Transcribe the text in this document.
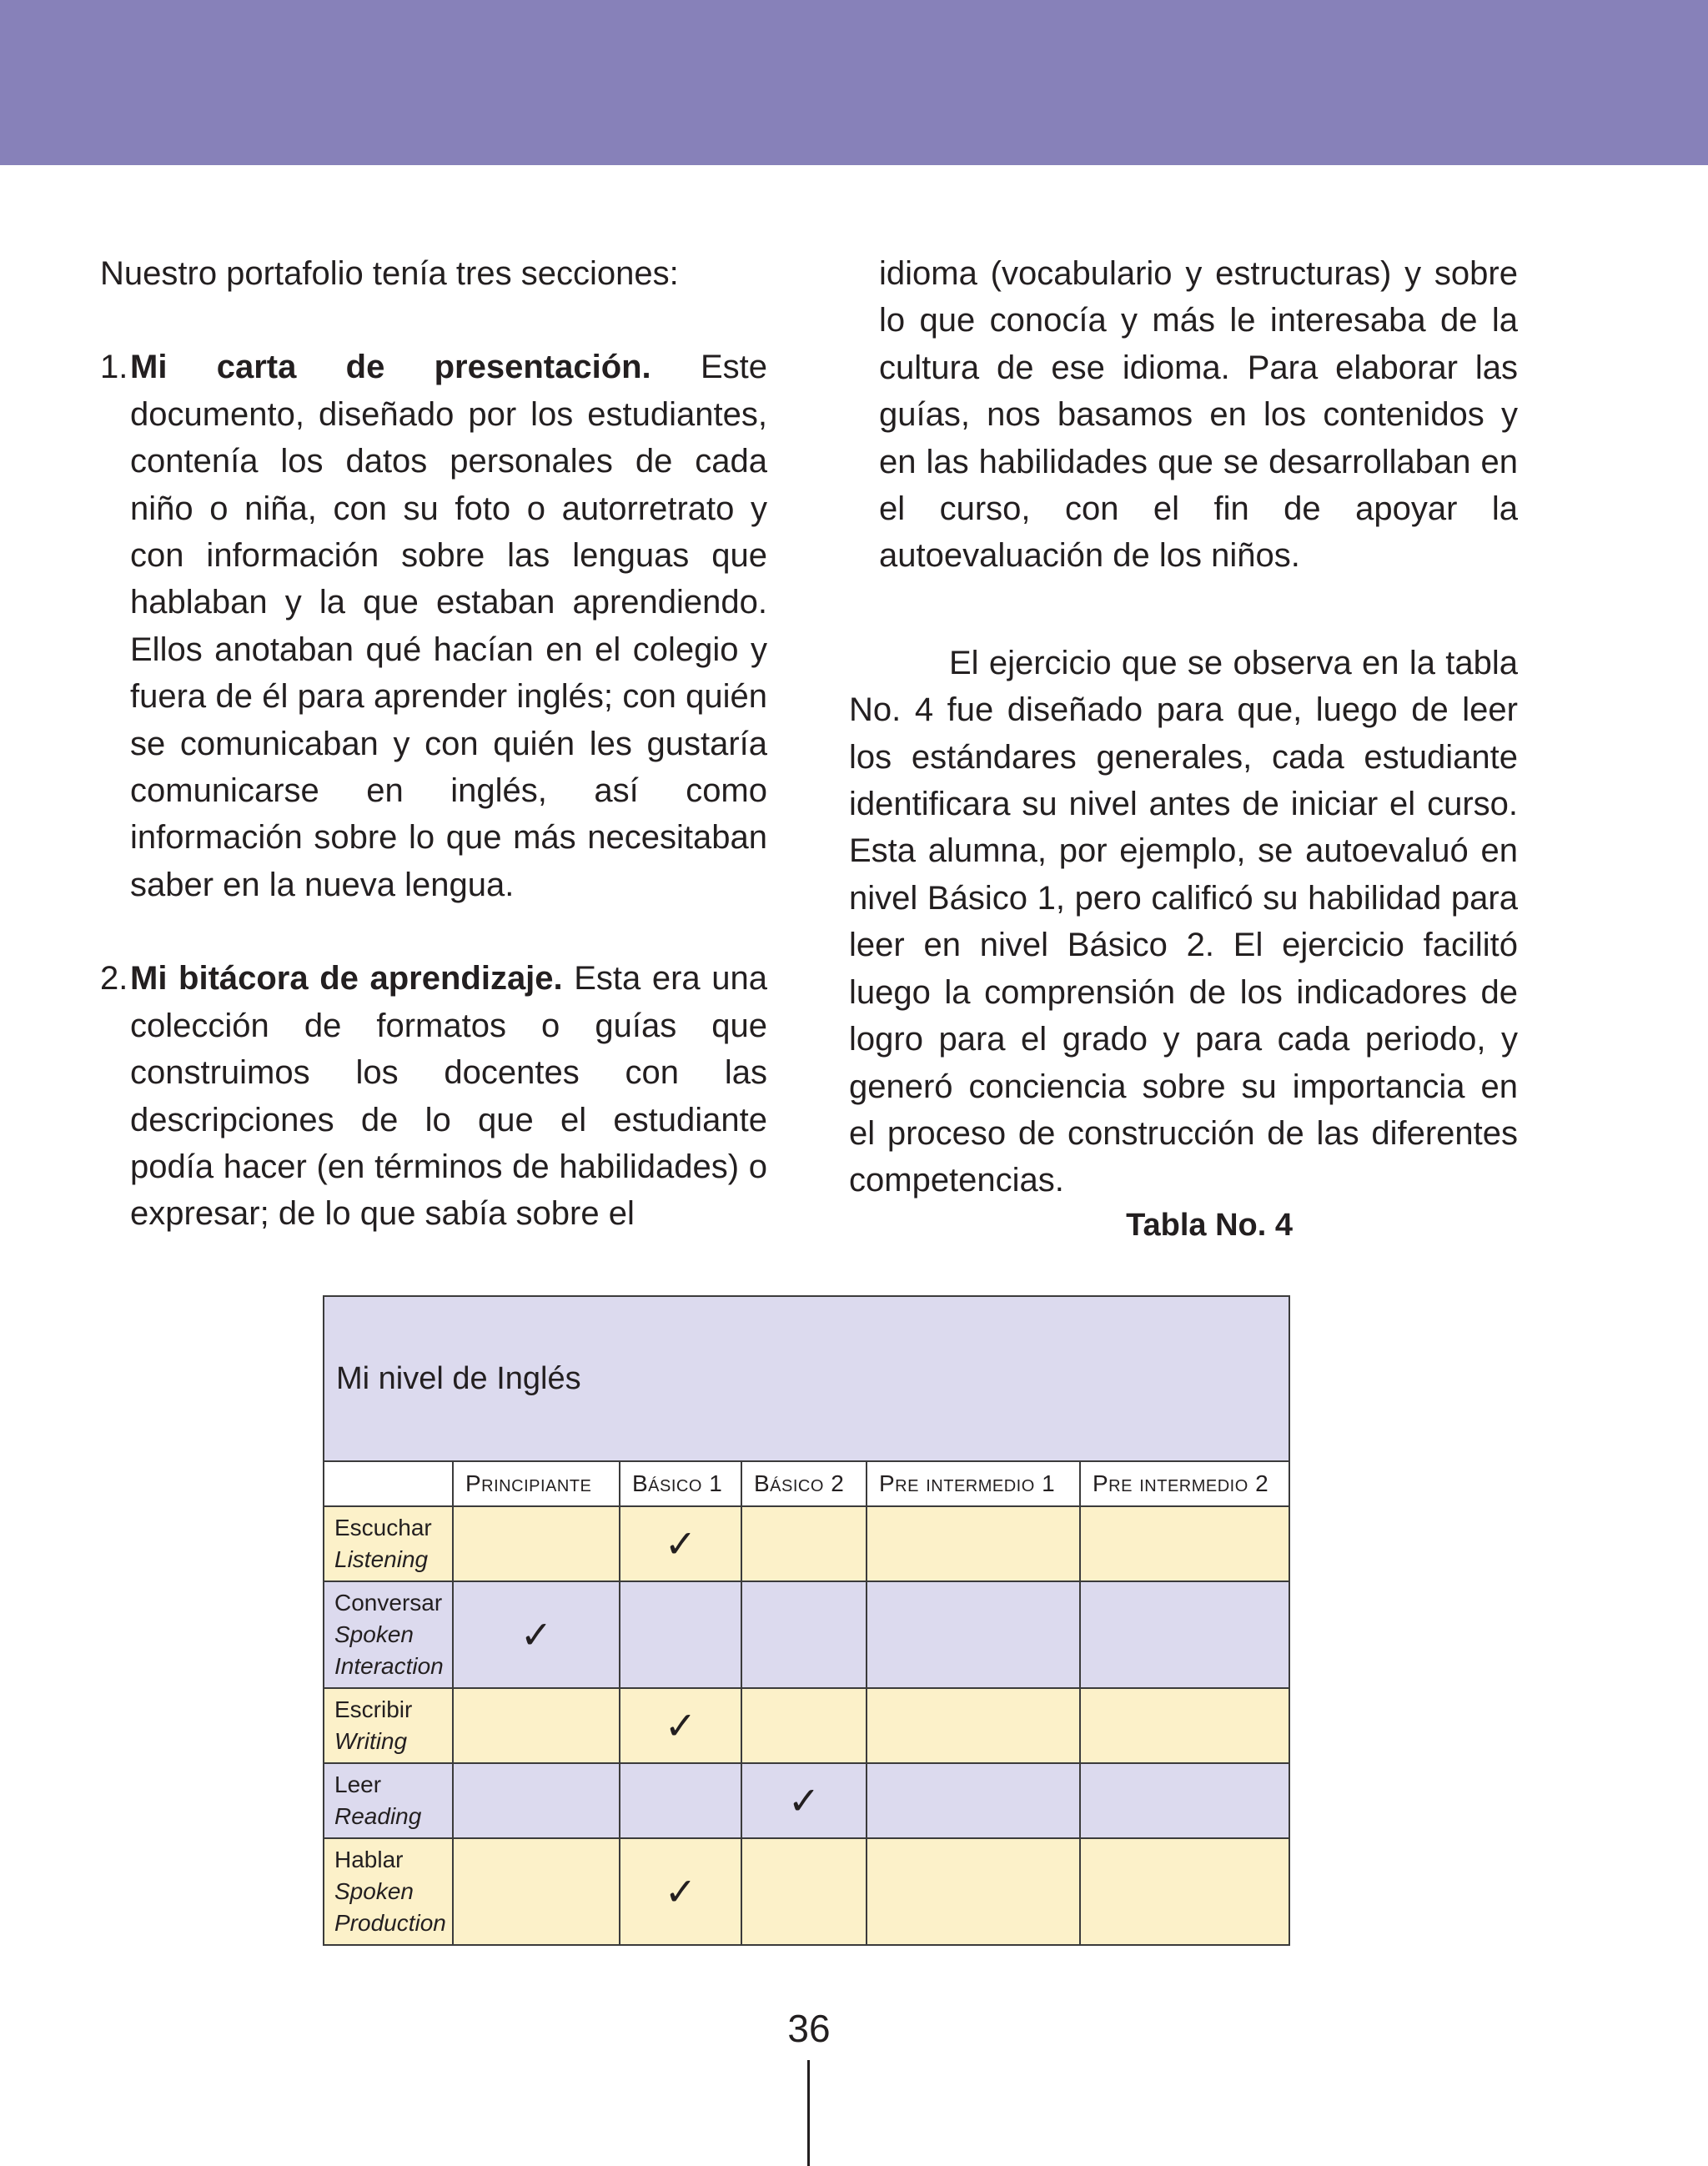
Nuestro portafolio tenía tres secciones:

1. Mi carta de presentación. Este documento, diseñado por los estudiantes, contenía los datos personales de cada niño o niña, con su foto o autorretrato y con información sobre las lenguas que hablaban y la que estaban aprendiendo. Ellos anotaban qué hacían en el colegio y fuera de él para aprender inglés; con quién se comunicaban y con quién les gustaría comunicarse en inglés, así como información sobre lo que más necesitaban saber en la nueva lengua.

2. Mi bitácora de aprendizaje. Esta era una colección de formatos o guías que construimos los docentes con las descripciones de lo que el estudiante podía hacer (en términos de habilidades) o expresar; de lo que sabía sobre el

idioma (vocabulario y estructuras) y sobre lo que conocía y más le interesaba de la cultura de ese idioma. Para elaborar las guías, nos basamos en los contenidos y en las habilidades que se desarrollaban en el curso, con el fin de apoyar la autoevaluación de los niños.

El ejercicio que se observa en la tabla No. 4 fue diseñado para que, luego de leer los estándares generales, cada estudiante identificara su nivel antes de iniciar el curso. Esta alumna, por ejemplo, se autoevaluó en nivel Básico 1, pero calificó su habilidad para leer en nivel Básico 2. El ejercicio facilitó luego la comprensión de los indicadores de logro para el grado y para cada periodo, y generó conciencia sobre su importancia en el proceso de construcción de las diferentes competencias.

Tabla No. 4
Mi nivel de Inglés					
	Principiante	Básico 1	Básico 2	Pre intermedio 1	Pre intermedio 2

Escuchar
Listening		✓			

Conversar
Spoken Interaction	✓				

Escribir
Writing		✓			

Leer
Reading			✓		

Hablar
Spoken Production		✓			
36
